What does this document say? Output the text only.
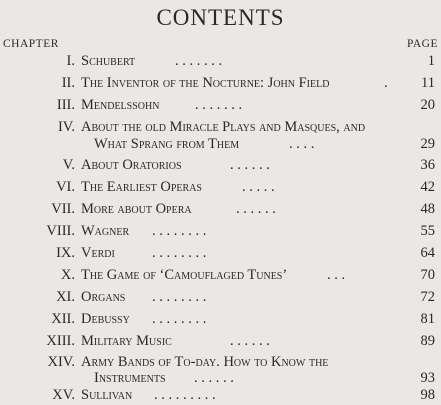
CONTENTS
CHAPTER	PAGE
I. Schubert	. . . . . . .	1
II. The Inventor of the Nocturne: John Field	. 11
III. Mendelssohn . . . . . . .	20
IV. About the old Miracle Plays and Masques, and
What Sprang from Them	. . . .	29
V. About Oratorios	. . . . . .	36
VI. The Earliest Operas	. . . . .	42
VII. More about Opera	. . . . . .	48
VIII. Wagner . . . . . . . .	55
IX. Verdi	. . . . . . . .	64
X. The Game of ‘Camouflaged Tunes’	. . .	70
XI. Organs . . . . . . . .	72
XII. Debussy . . . . . . . .	81
XIII. Military Music	. . . . . .	89
XIV. Army Bands of To-day. How to Know the
Instruments . . . . . .	93
XV. Sullivan . . . . . . . . .	98
